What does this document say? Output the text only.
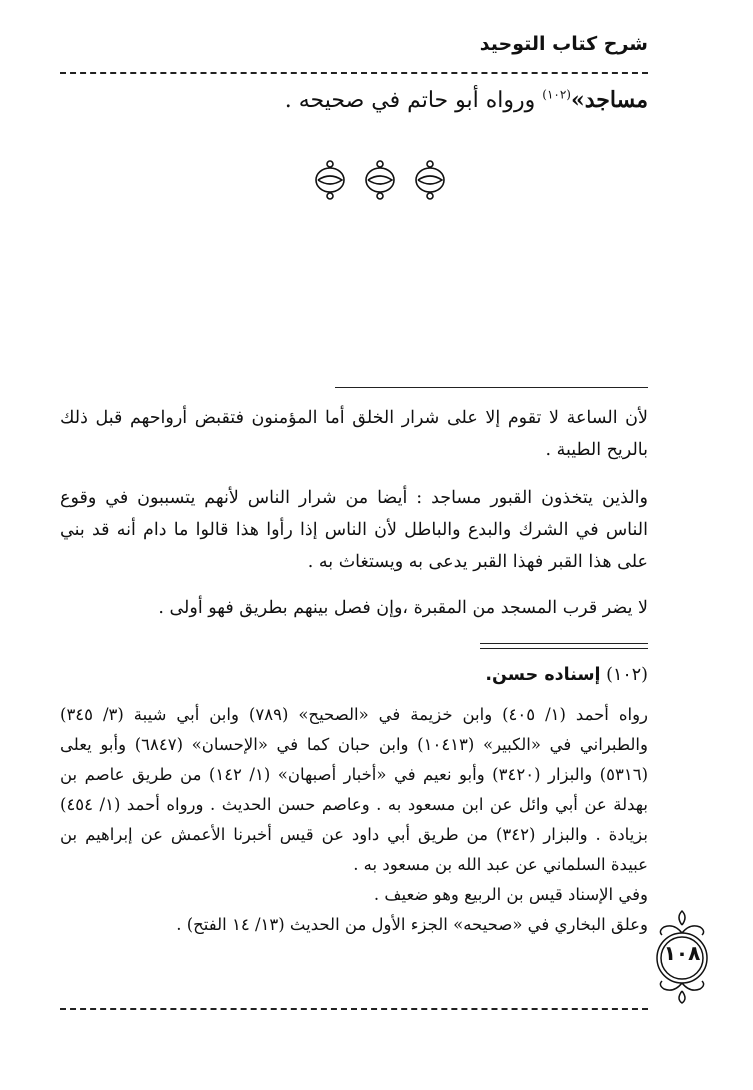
شرح كتاب التوحيد
مساجد»$^{(١٠٢)}$ ورواه أبو حاتم في صحيحه .
لأن الساعة لا تقوم إلا على شرار الخلق أما المؤمنون فتقبض أرواحهم قبل ذلك بالريح الطيبة .
والذين يتخذون القبور مساجد : أيضا من شرار الناس لأنهم يتسببون في وقوع الناس في الشرك والبدع والباطل لأن الناس إذا رأوا هذا قالوا ما دام أنه قد بني على هذا القبر فهذا القبر يدعى به ويستغاث به .
لا يضر قرب المسجد من المقبرة ،وإن فصل بينهم بطريق فهو أولى .
(١٠٢) إسناده حسن.
رواه أحمد (١/ ٤٠٥) وابن خزيمة في «الصحيح» (٧٨٩) وابن أبي شيبة (٣/ ٣٤٥) والطبراني في «الكبير» (١٠٤١٣) وابن حبان كما في «الإحسان» (٦٨٤٧) وأبو يعلى (٥٣١٦) والبزار (٣٤٢٠) وأبو نعيم في «أخبار أصبهان» (١/ ١٤٢) من طريق عاصم بن بهدلة عن أبي وائل عن ابن مسعود به . وعاصم حسن الحديث . ورواه أحمد (١/ ٤٥٤) بزيادة . والبزار (٣٤٢) من طريق أبي داود عن قيس أخبرنا الأعمش عن إبراهيم بن عبيدة السلماني عن عبد الله بن مسعود به .
وفي الإسناد قيس بن الربيع وهو ضعيف .
وعلق البخاري في «صحيحه» الجزء الأول من الحديث (١٣/ ١٤ الفتح) .
١٠٨
